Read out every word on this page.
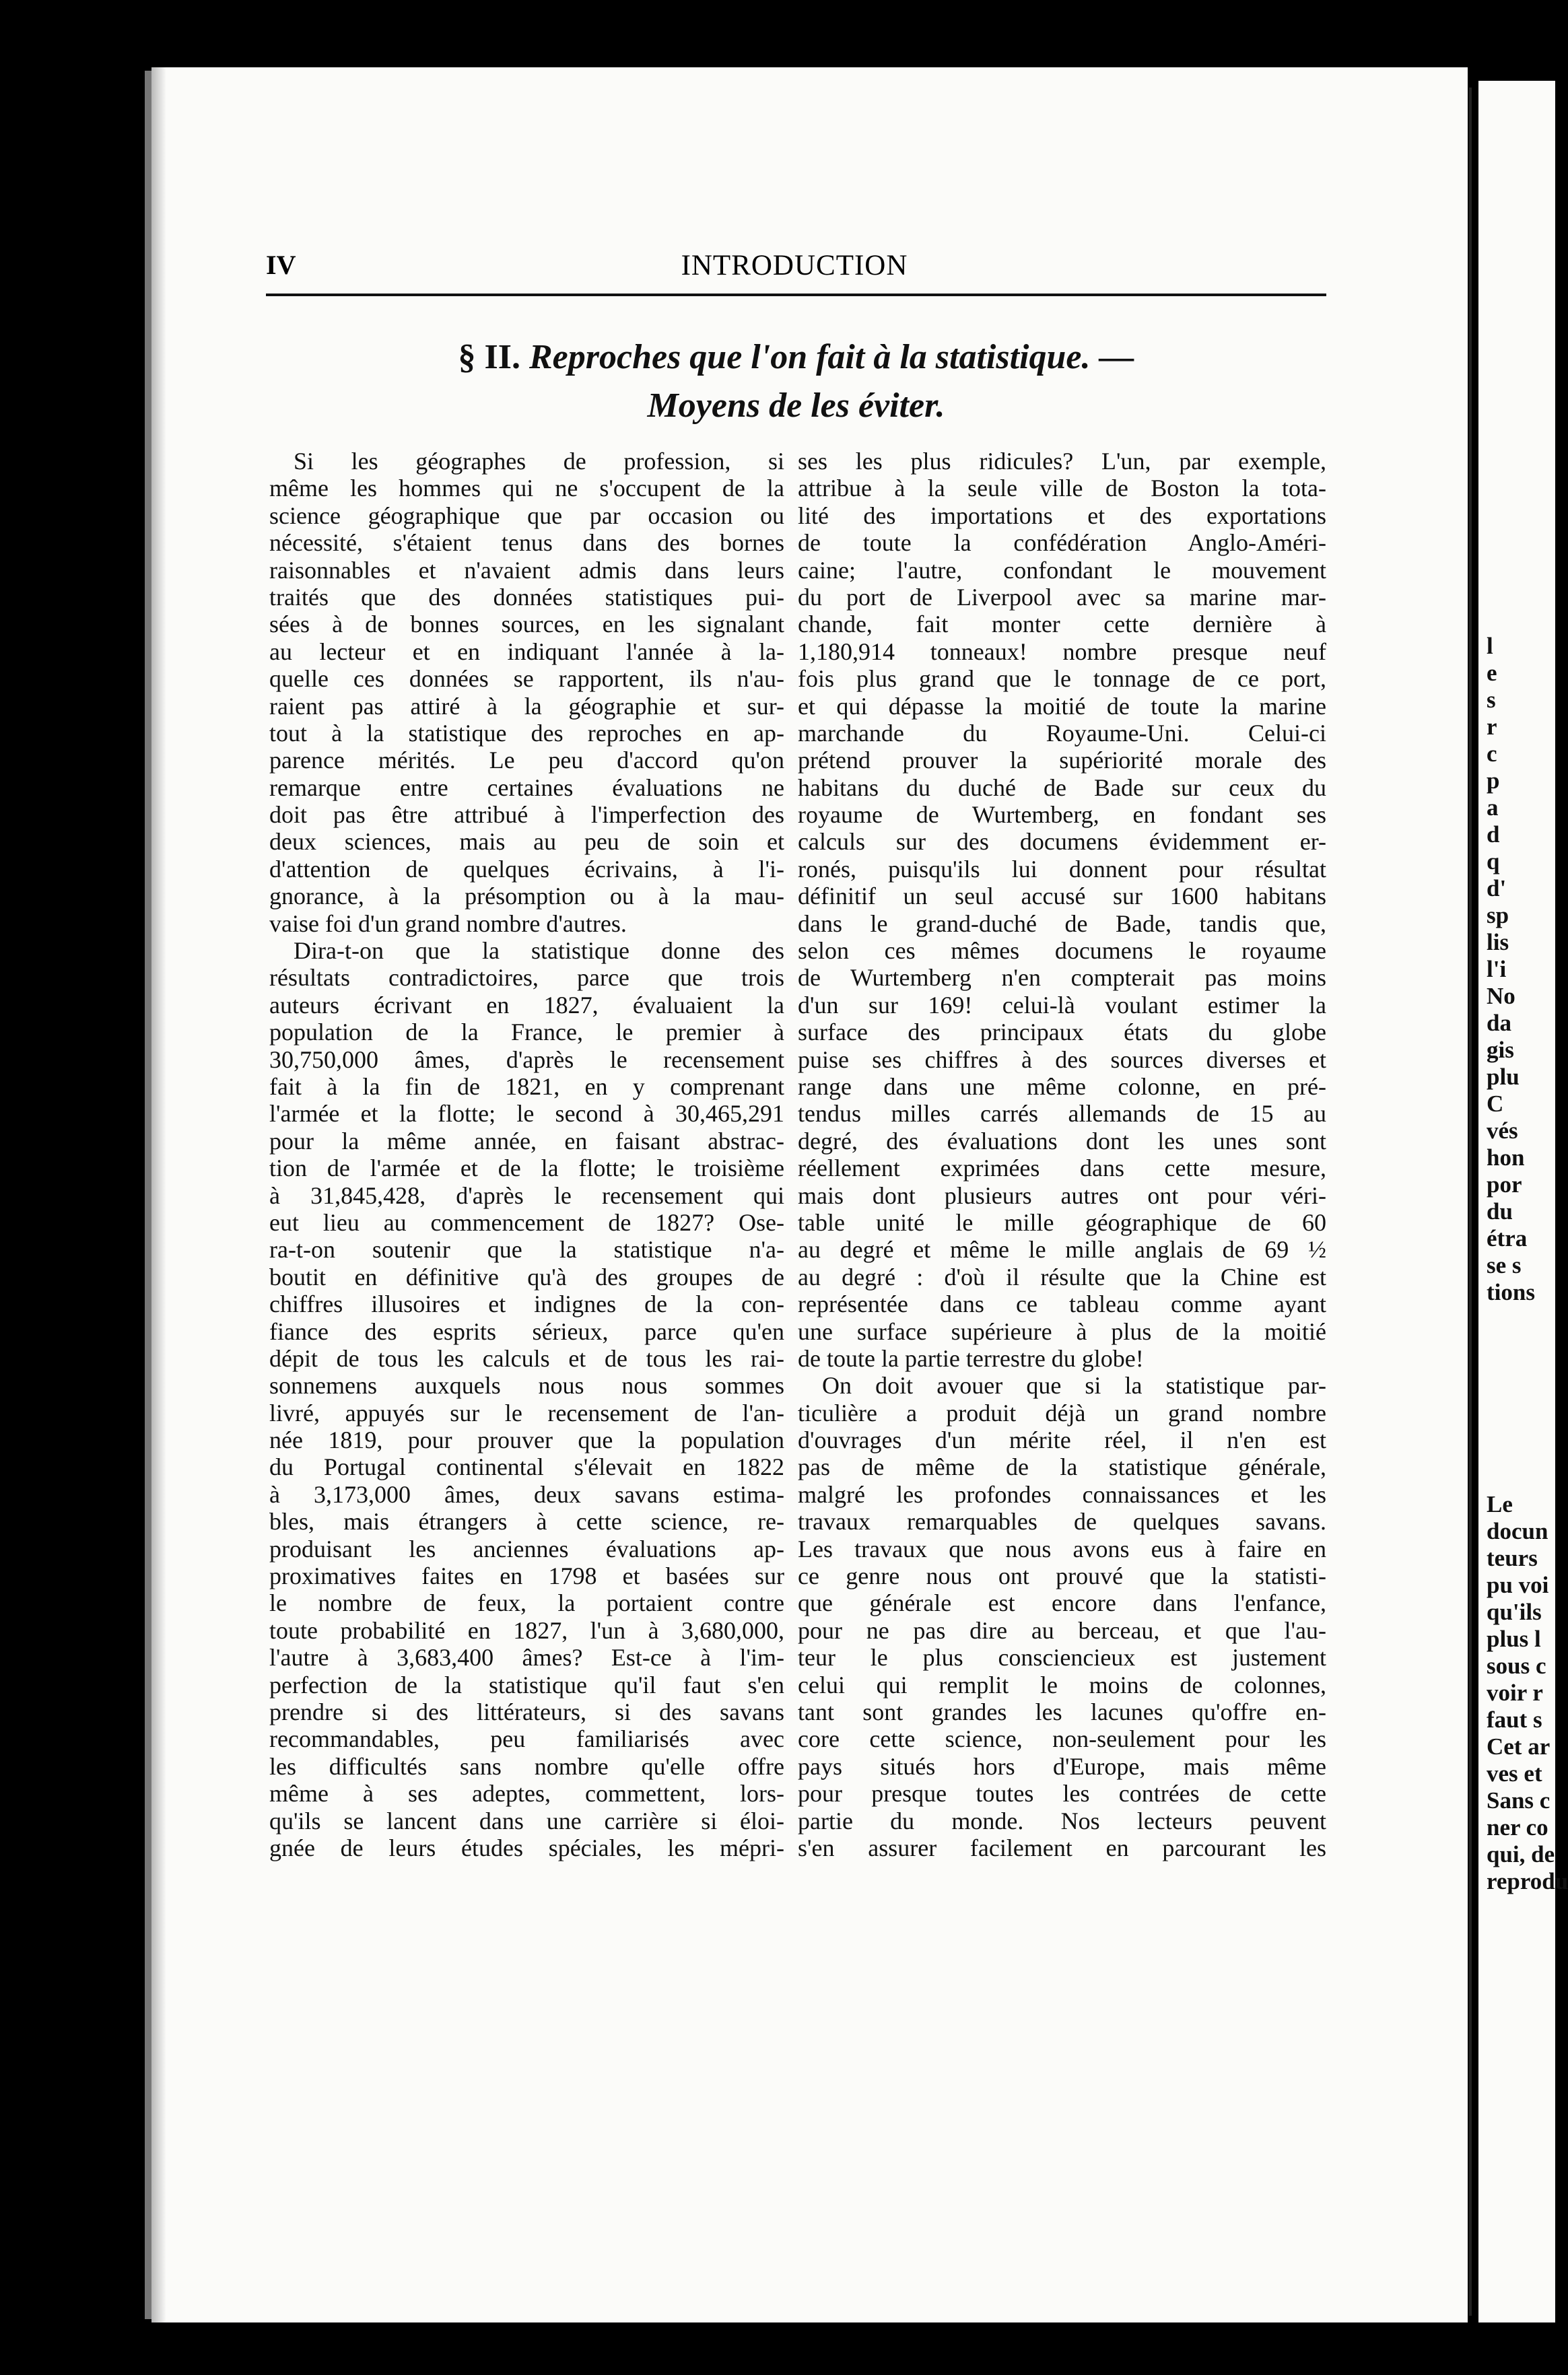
IV	INTRODUCTION
§ II. Reproches que l'on fait à la statistique. —
Moyens de les éviter.
Si les géographes de profession, si
même les hommes qui ne s'occupent de la
science géographique que par occasion ou
nécessité, s'étaient tenus dans des bornes
raisonnables et n'avaient admis dans leurs
traités que des données statistiques pui-
sées à de bonnes sources, en les signalant
au lecteur et en indiquant l'année à la-
quelle ces données se rapportent, ils n'au-
raient pas attiré à la géographie et sur-
tout à la statistique des reproches en ap-
parence mérités. Le peu d'accord qu'on
remarque entre certaines évaluations ne
doit pas être attribué à l'imperfection des
deux sciences, mais au peu de soin et
d'attention de quelques écrivains, à l'i-
gnorance, à la présomption ou à la mau-
vaise foi d'un grand nombre d'autres.
Dira-t-on que la statistique donne des
résultats contradictoires, parce que trois
auteurs écrivant en 1827, évaluaient la
population de la France, le premier à
30,750,000 âmes, d'après le recensement
fait à la fin de 1821, en y comprenant
l'armée et la flotte; le second à 30,465,291
pour la même année, en faisant abstrac-
tion de l'armée et de la flotte; le troisième
à 31,845,428, d'après le recensement qui
eut lieu au commencement de 1827? Ose-
ra-t-on soutenir que la statistique n'a-
boutit en définitive qu'à des groupes de
chiffres illusoires et indignes de la con-
fiance des esprits sérieux, parce qu'en
dépit de tous les calculs et de tous les rai-
sonnemens auxquels nous nous sommes
livré, appuyés sur le recensement de l'an-
née 1819, pour prouver que la population
du Portugal continental s'élevait en 1822
à 3,173,000 âmes, deux savans estima-
bles, mais étrangers à cette science, re-
produisant les anciennes évaluations ap-
proximatives faites en 1798 et basées sur
le nombre de feux, la portaient contre
toute probabilité en 1827, l'un à 3,680,000,
l'autre à 3,683,400 âmes? Est-ce à l'im-
perfection de la statistique qu'il faut s'en
prendre si des littérateurs, si des savans
recommandables, peu familiarisés avec
les difficultés sans nombre qu'elle offre
même à ses adeptes, commettent, lors-
qu'ils se lancent dans une carrière si éloi-
gnée de leurs études spéciales, les mépri-
ses les plus ridicules? L'un, par exemple,
attribue à la seule ville de Boston la tota-
lité des importations et des exportations
de toute la confédération Anglo-Améri-
caine; l'autre, confondant le mouvement
du port de Liverpool avec sa marine mar-
chande, fait monter cette dernière à
1,180,914 tonneaux! nombre presque neuf
fois plus grand que le tonnage de ce port,
et qui dépasse la moitié de toute la marine
marchande du Royaume-Uni. Celui-ci
prétend prouver la supériorité morale des
habitans du duché de Bade sur ceux du
royaume de Wurtemberg, en fondant ses
calculs sur des documens évidemment er-
ronés, puisqu'ils lui donnent pour résultat
définitif un seul accusé sur 1600 habitans
dans le grand-duché de Bade, tandis que,
selon ces mêmes documens le royaume
de Wurtemberg n'en compterait pas moins
d'un sur 169! celui-là voulant estimer la
surface des principaux états du globe
puise ses chiffres à des sources diverses et
range dans une même colonne, en pré-
tendus milles carrés allemands de 15 au
degré, des évaluations dont les unes sont
réellement exprimées dans cette mesure,
mais dont plusieurs autres ont pour véri-
table unité le mille géographique de 60
au degré et même le mille anglais de 69 ½
au degré : d'où il résulte que la Chine est
représentée dans ce tableau comme ayant
une surface supérieure à plus de la moitié
de toute la partie terrestre du globe!
On doit avouer que si la statistique par-
ticulière a produit déjà un grand nombre
d'ouvrages d'un mérite réel, il n'en est
pas de même de la statistique générale,
malgré les profondes connaissances et les
travaux remarquables de quelques savans.
Les travaux que nous avons eus à faire en
ce genre nous ont prouvé que la statisti-
que générale est encore dans l'enfance,
pour ne pas dire au berceau, et que l'au-
teur le plus consciencieux est justement
celui qui remplit le moins de colonnes,
tant sont grandes les lacunes qu'offre en-
core cette science, non-seulement pour les
pays situés hors d'Europe, mais même
pour presque toutes les contrées de cette
partie du monde. Nos lecteurs peuvent
s'en assurer facilement en parcourant les
l
e
s
r
c
p
a
d
q
d'
sp
lis
l'i
No
da
gis
plu
C
vés
hon
por
du
étra
se s
tions
Le
docun
teurs
pu voi
qu'ils
plus l
sous c
voir r
faut s
Cet ar
ves et
Sans c
ner co
qui, de
reprodu
